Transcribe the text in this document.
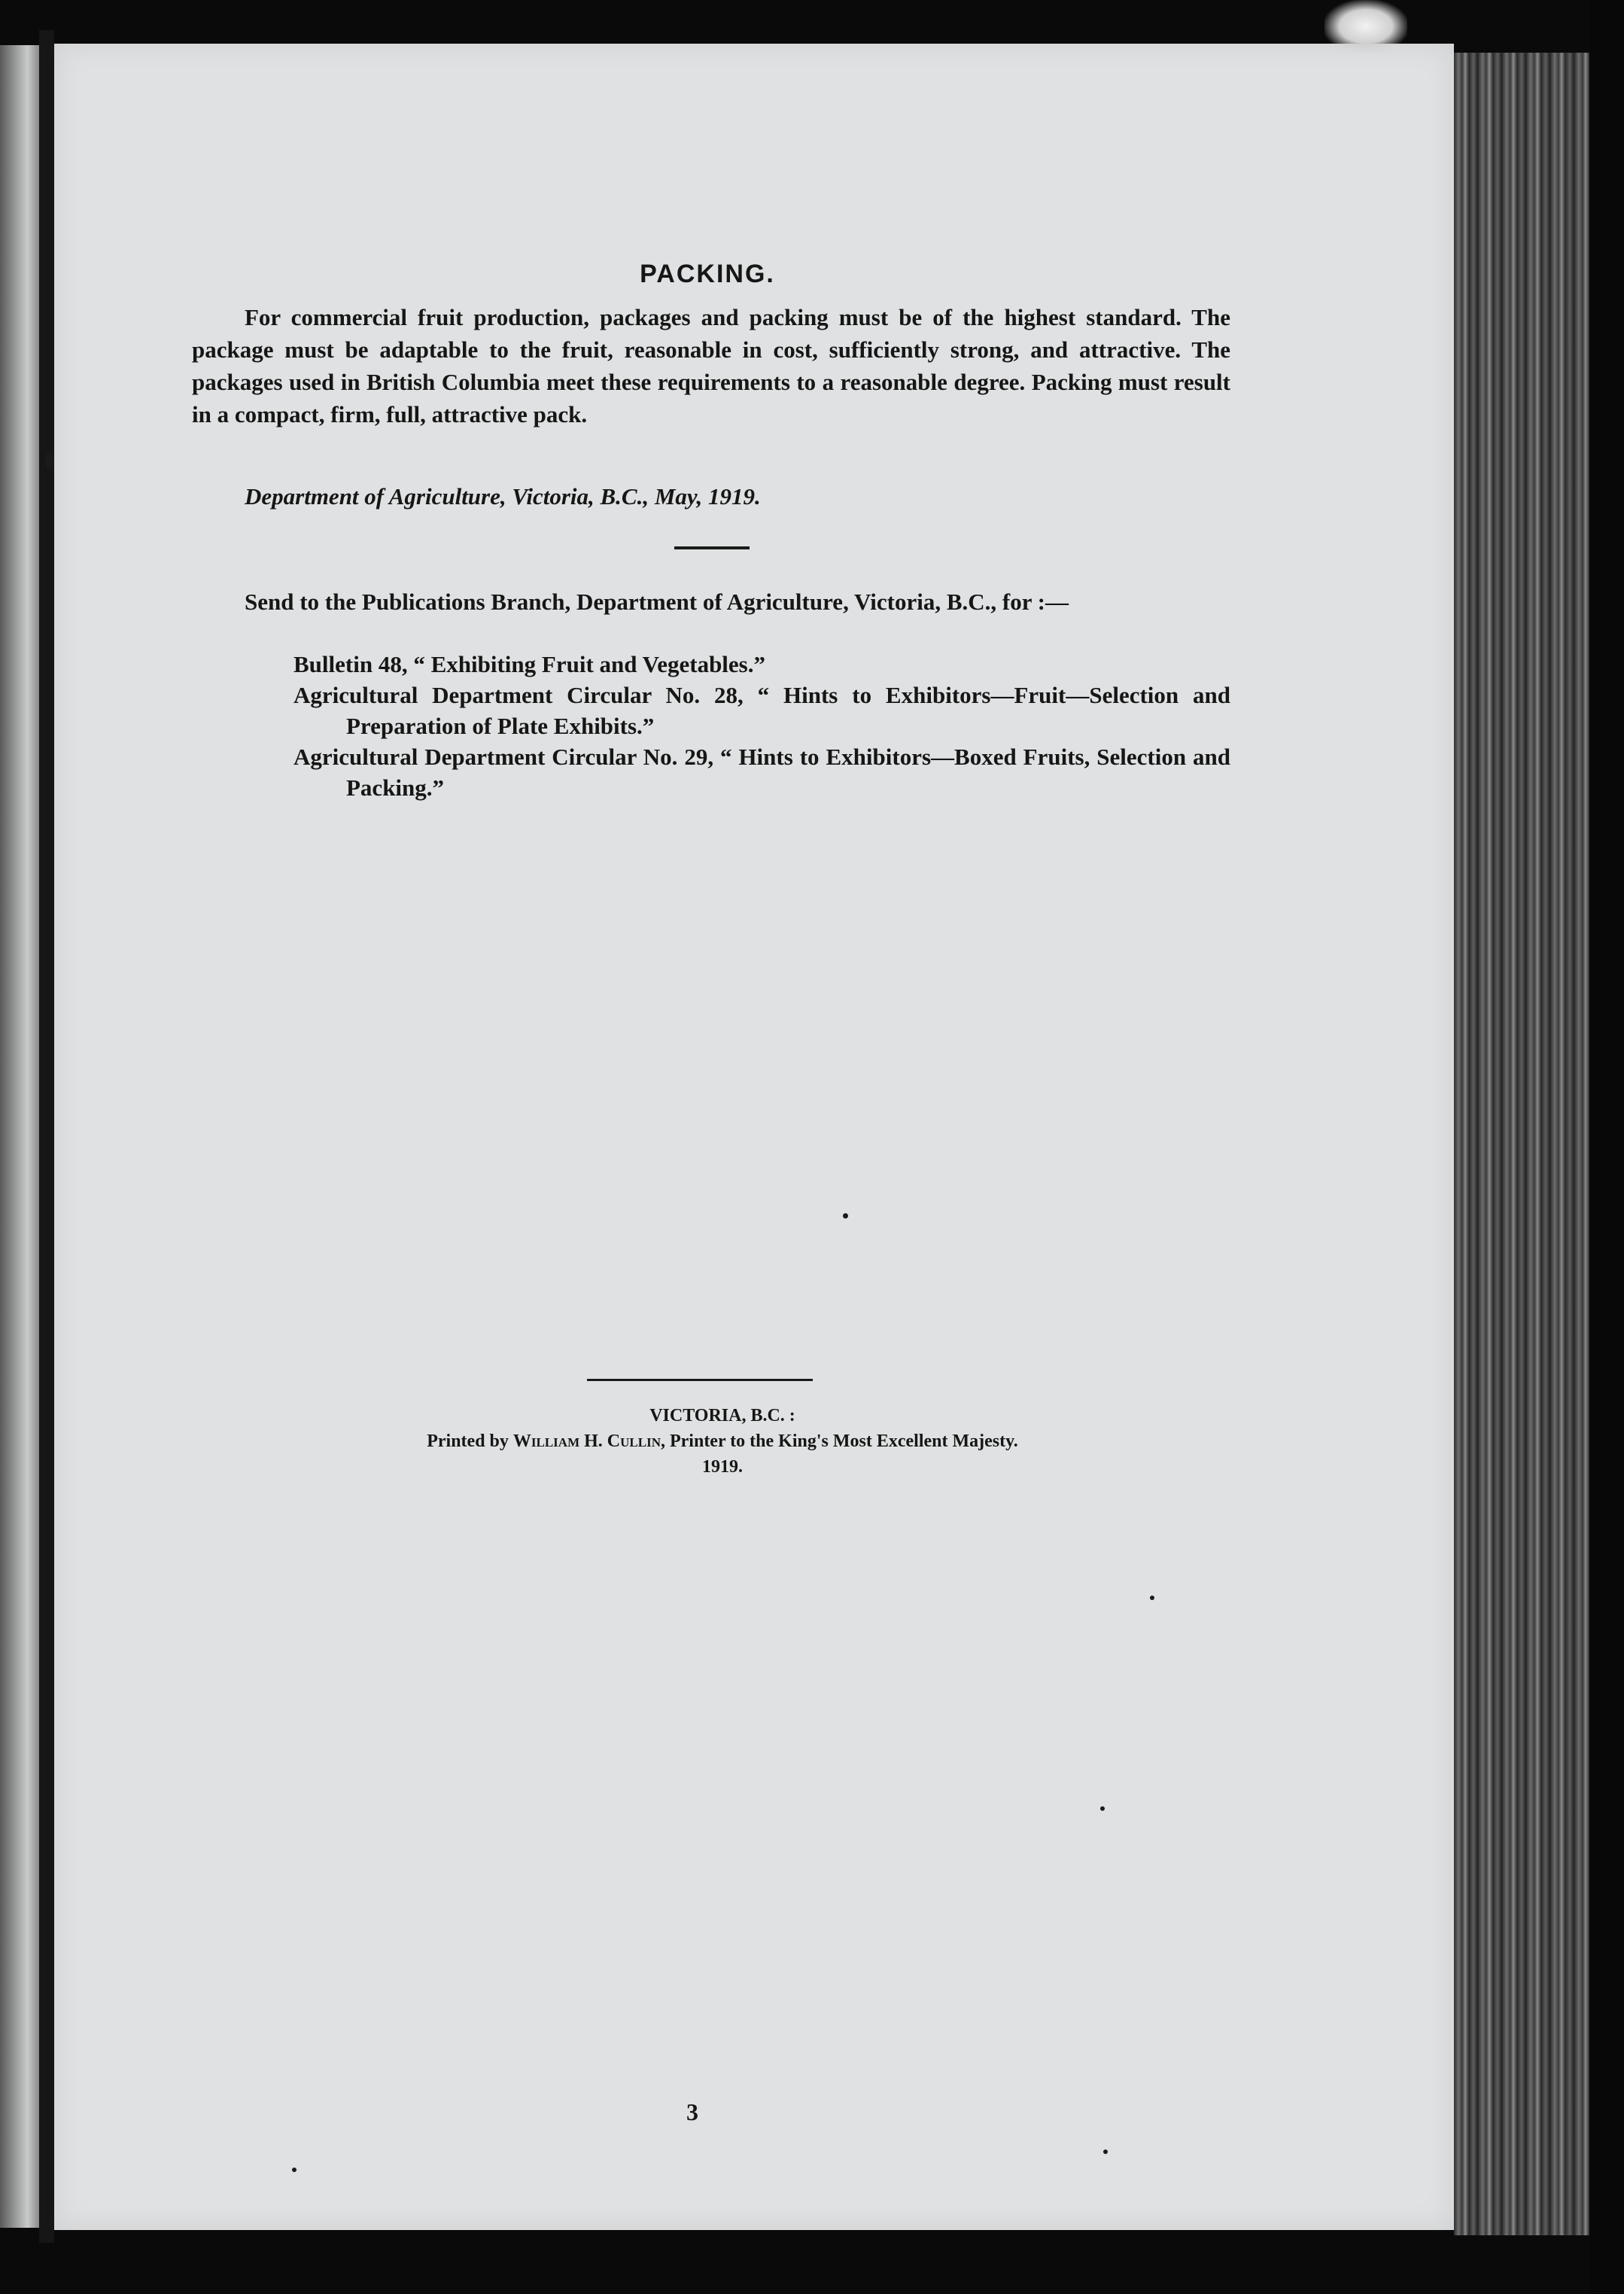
PACKING.
For commercial fruit production, packages and packing must be of the highest standard. The package must be adaptable to the fruit, reasonable in cost, sufficiently strong, and attractive. The packages used in British Columbia meet these requirements to a reasonable degree. Packing must result in a compact, firm, full, attractive pack.
Department of Agriculture, Victoria, B.C., May, 1919.
Send to the Publications Branch, Department of Agriculture, Victoria, B.C., for :—

Bulletin 48, “ Exhibiting Fruit and Vegetables.”

Agricultural Department Circular No. 28, “ Hints to Exhibitors—Fruit—Selection and Preparation of Plate Exhibits.”

Agricultural Department Circular No. 29, “ Hints to Exhibitors—Boxed Fruits, Selection and Packing.”

VICTORIA, B.C. :
Printed by William H. Cullin, Printer to the King's Most Excellent Majesty.
1919.
3
